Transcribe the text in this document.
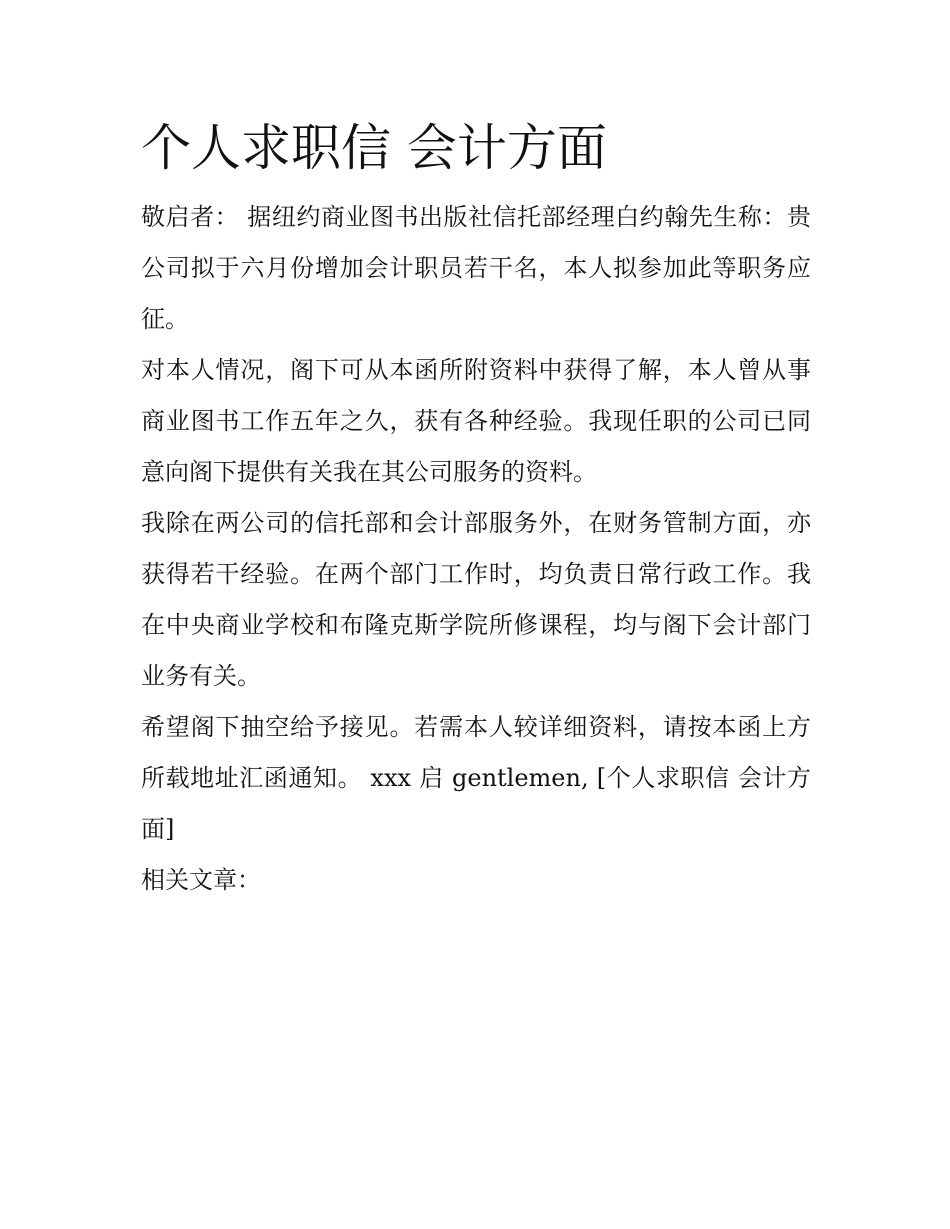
个人求职信 会计方面

敬启者： 据纽约商业图书出版社信托部经理白约翰先生称：贵公司拟于六月份增加会计职员若干名，本人拟参加此等职务应征。

对本人情况，阁下可从本函所附资料中获得了解，本人曾从事商业图书工作五年之久，获有各种经验。我现任职的公司已同意向阁下提供有关我在其公司服务的资料。

我除在两公司的信托部和会计部服务外，在财务管制方面，亦获得若干经验。在两个部门工作时，均负责日常行政工作。我在中央商业学校和布隆克斯学院所修课程，均与阁下会计部门业务有关。

希望阁下抽空给予接见。若需本人较详细资料，请按本函上方所载地址汇函通知。 xxx 启 gentlemen, [个人求职信 会计方面]

相关文章：
